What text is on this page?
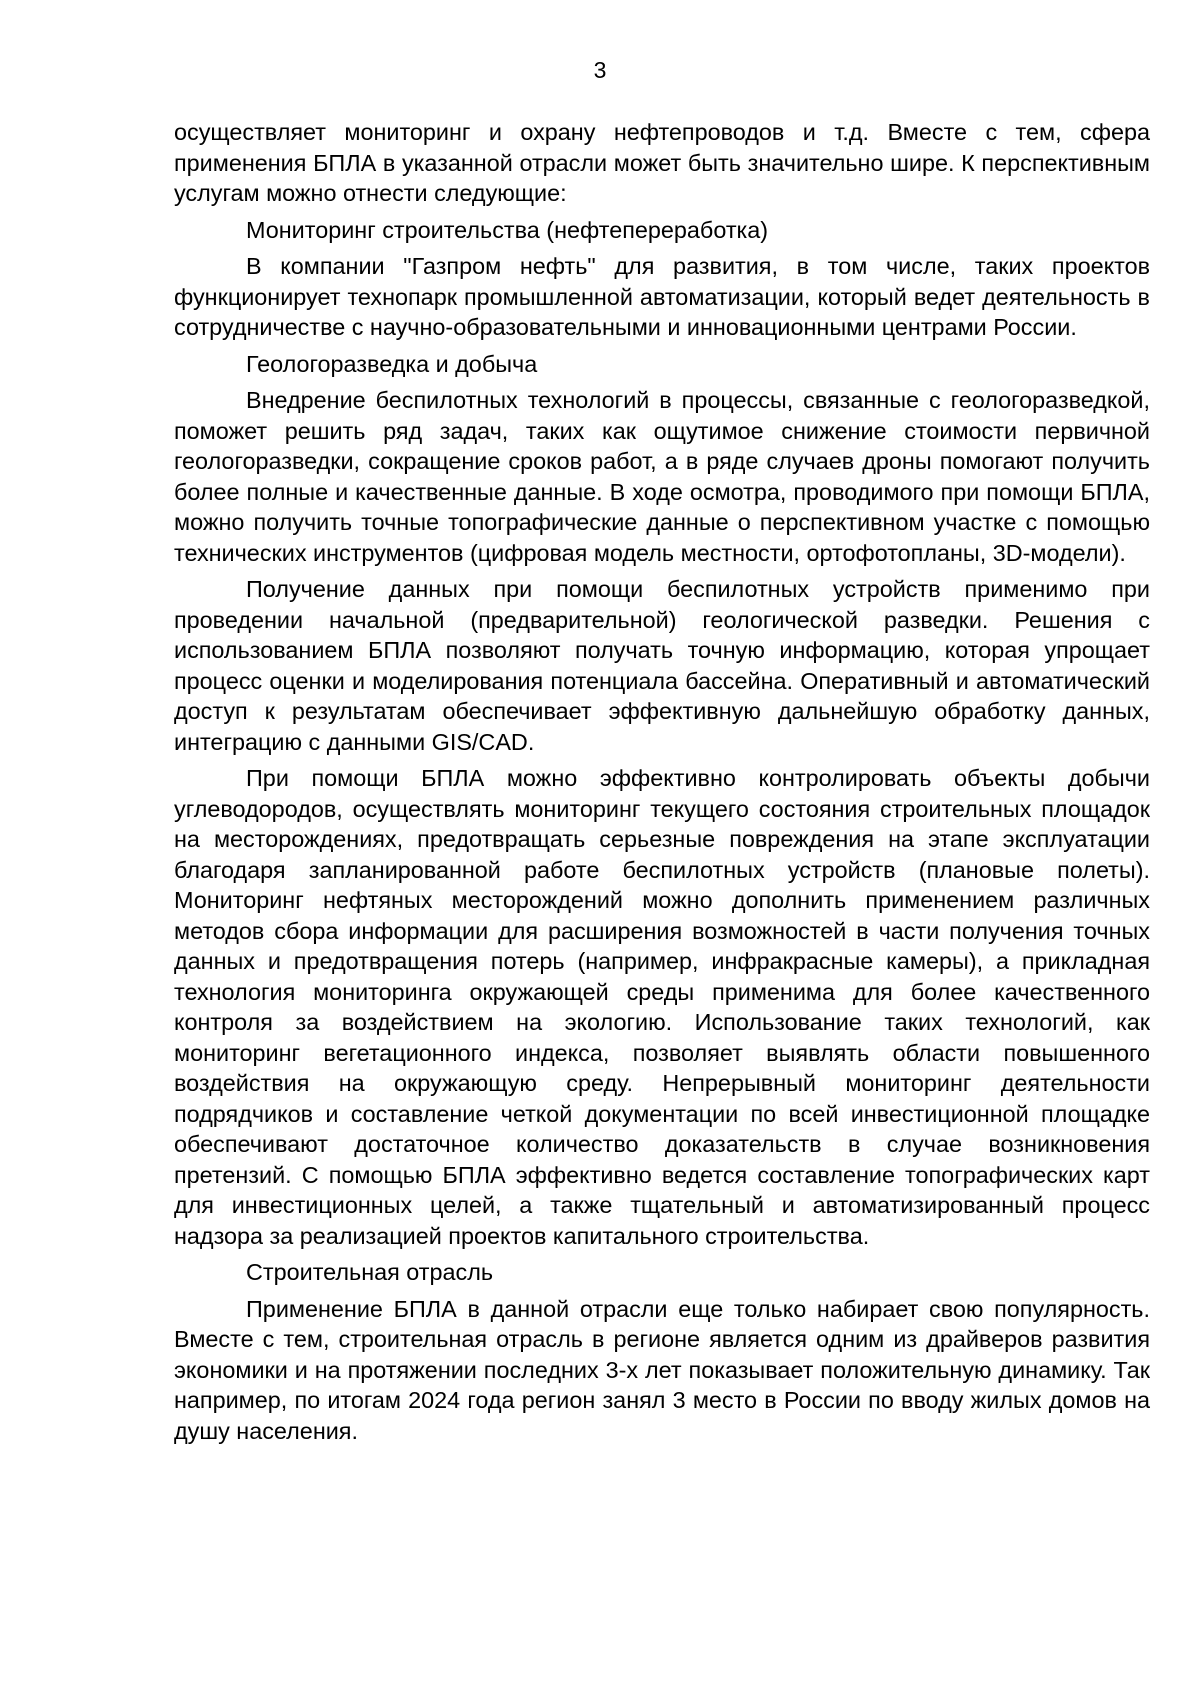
3

осуществляет мониторинг и охрану нефтепроводов и т.д. Вместе с тем, сфера применения БПЛА в указанной отрасли может быть значительно шире. К перспективным услугам можно отнести следующие:

Мониторинг строительства (нефтепереработка)

В компании "Газпром нефть" для развития, в том числе, таких проектов функционирует технопарк промышленной автоматизации, который ведет деятельность в сотрудничестве с научно-образовательными и инновационными центрами России.

Геологоразведка и добыча

Внедрение беспилотных технологий в процессы, связанные с геологоразведкой, поможет решить ряд задач, таких как ощутимое снижение стоимости первичной геологоразведки, сокращение сроков работ, а в ряде случаев дроны помогают получить более полные и качественные данные. В ходе осмотра, проводимого при помощи БПЛА, можно получить точные топографические данные о перспективном участке с помощью технических инструментов (цифровая модель местности, ортофотопланы, 3D-модели).

Получение данных при помощи беспилотных устройств применимо при проведении начальной (предварительной) геологической разведки. Решения с использованием БПЛА позволяют получать точную информацию, которая упрощает процесс оценки и моделирования потенциала бассейна. Оперативный и автоматический доступ к результатам обеспечивает эффективную дальнейшую обработку данных, интеграцию с данными GIS/CAD.

При помощи БПЛА можно эффективно контролировать объекты добычи углеводородов, осуществлять мониторинг текущего состояния строительных площадок на месторождениях, предотвращать серьезные повреждения на этапе эксплуатации благодаря запланированной работе беспилотных устройств (плановые полеты). Мониторинг нефтяных месторождений можно дополнить применением различных методов сбора информации для расширения возможностей в части получения точных данных и предотвращения потерь (например, инфракрасные камеры), а прикладная технология мониторинга окружающей среды применима для более качественного контроля за воздействием на экологию. Использование таких технологий, как мониторинг вегетационного индекса, позволяет выявлять области повышенного воздействия на окружающую среду. Непрерывный мониторинг деятельности подрядчиков и составление четкой документации по всей инвестиционной площадке обеспечивают достаточное количество доказательств в случае возникновения претензий. С помощью БПЛА эффективно ведется составление топографических карт для инвестиционных целей, а также тщательный и автоматизированный процесс надзора за реализацией проектов капитального строительства.

Строительная отрасль

Применение БПЛА в данной отрасли еще только набирает свою популярность. Вместе с тем, строительная отрасль в регионе является одним из драйверов развития экономики и на протяжении последних 3-х лет показывает положительную динамику. Так например, по итогам 2024 года регион занял 3 место в России по вводу жилых домов на душу населения.
